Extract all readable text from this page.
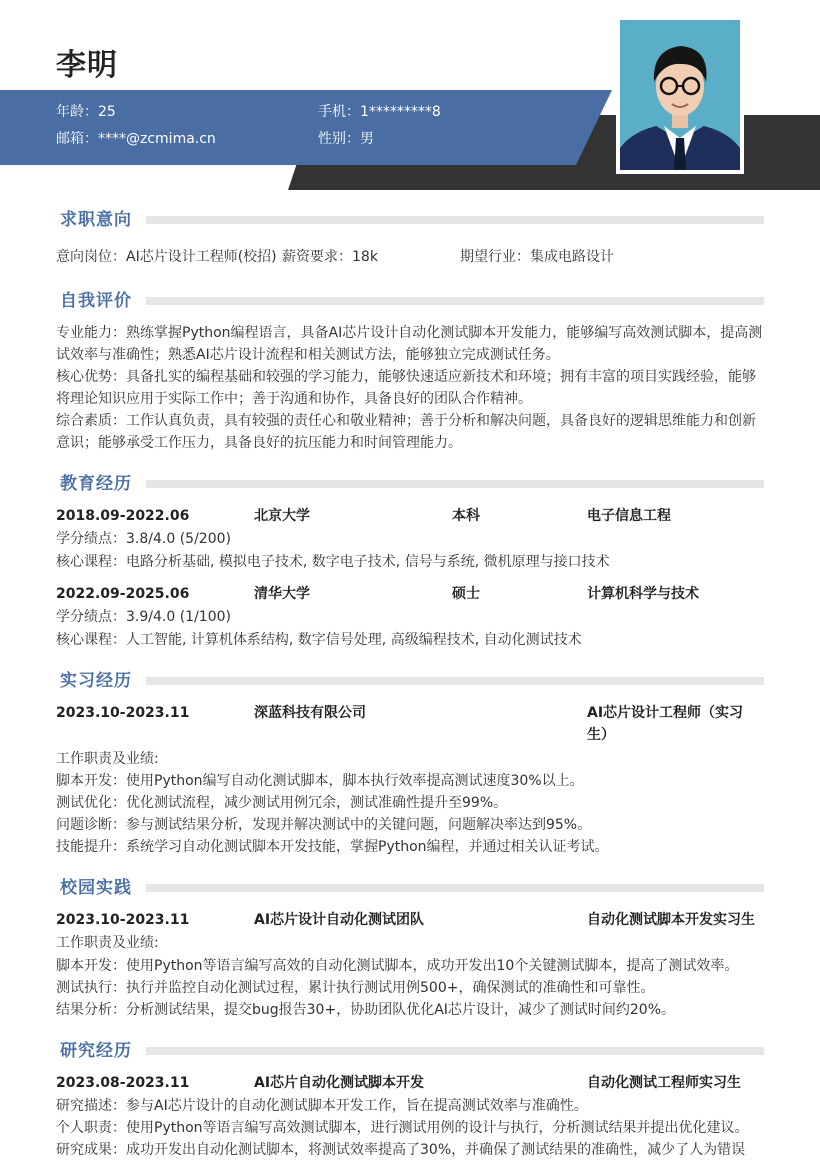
李明
年龄：25	手机：1*********8
邮箱：****@zcmima.cn	性别：男
求职意向
意向岗位：AI芯片设计工程师(校招) 薪资要求：18k	期望行业：集成电路设计
自我评价
专业能力：熟练掌握Python编程语言，具备AI芯片设计自动化测试脚本开发能力，能够编写高效测试脚本，提高测试效率与准确性；熟悉AI芯片设计流程和相关测试方法，能够独立完成测试任务。
核心优势：具备扎实的编程基础和较强的学习能力，能够快速适应新技术和环境；拥有丰富的项目实践经验，能够将理论知识应用于实际工作中；善于沟通和协作，具备良好的团队合作精神。
综合素质：工作认真负责，具有较强的责任心和敬业精神；善于分析和解决问题，具备良好的逻辑思维能力和创新意识；能够承受工作压力，具备良好的抗压能力和时间管理能力。
教育经历
2018.09-2022.06	北京大学	本科	电子信息工程
学分绩点：3.8/4.0 (5/200)
核心课程：电路分析基础, 模拟电子技术, 数字电子技术, 信号与系统, 微机原理与接口技术
2022.09-2025.06	清华大学	硕士	计算机科学与技术
学分绩点：3.9/4.0 (1/100)
核心课程：人工智能, 计算机体系结构, 数字信号处理, 高级编程技术, 自动化测试技术
实习经历
2023.10-2023.11	深蓝科技有限公司	AI芯片设计工程师（实习生）
工作职责及业绩:
脚本开发：使用Python编写自动化测试脚本，脚本执行效率提高测试速度30%以上。
测试优化：优化测试流程，减少测试用例冗余，测试准确性提升至99%。
问题诊断：参与测试结果分析，发现并解决测试中的关键问题，问题解决率达到95%。
技能提升：系统学习自动化测试脚本开发技能，掌握Python编程，并通过相关认证考试。
校园实践
2023.10-2023.11	AI芯片设计自动化测试团队	自动化测试脚本开发实习生
工作职责及业绩:
脚本开发：使用Python等语言编写高效的自动化测试脚本，成功开发出10个关键测试脚本，提高了测试效率。
测试执行：执行并监控自动化测试过程，累计执行测试用例500+，确保测试的准确性和可靠性。
结果分析：分析测试结果，提交bug报告30+，协助团队优化AI芯片设计，减少了测试时间约20%。
研究经历
2023.08-2023.11	AI芯片自动化测试脚本开发	自动化测试工程师实习生
研究描述：参与AI芯片设计的自动化测试脚本开发工作，旨在提高测试效率与准确性。
个人职责：使用Python等语言编写高效测试脚本，进行测试用例的设计与执行，分析测试结果并提出优化建议。
研究成果：成功开发出自动化测试脚本，将测试效率提高了30%，并确保了测试结果的准确性，减少了人为错误
